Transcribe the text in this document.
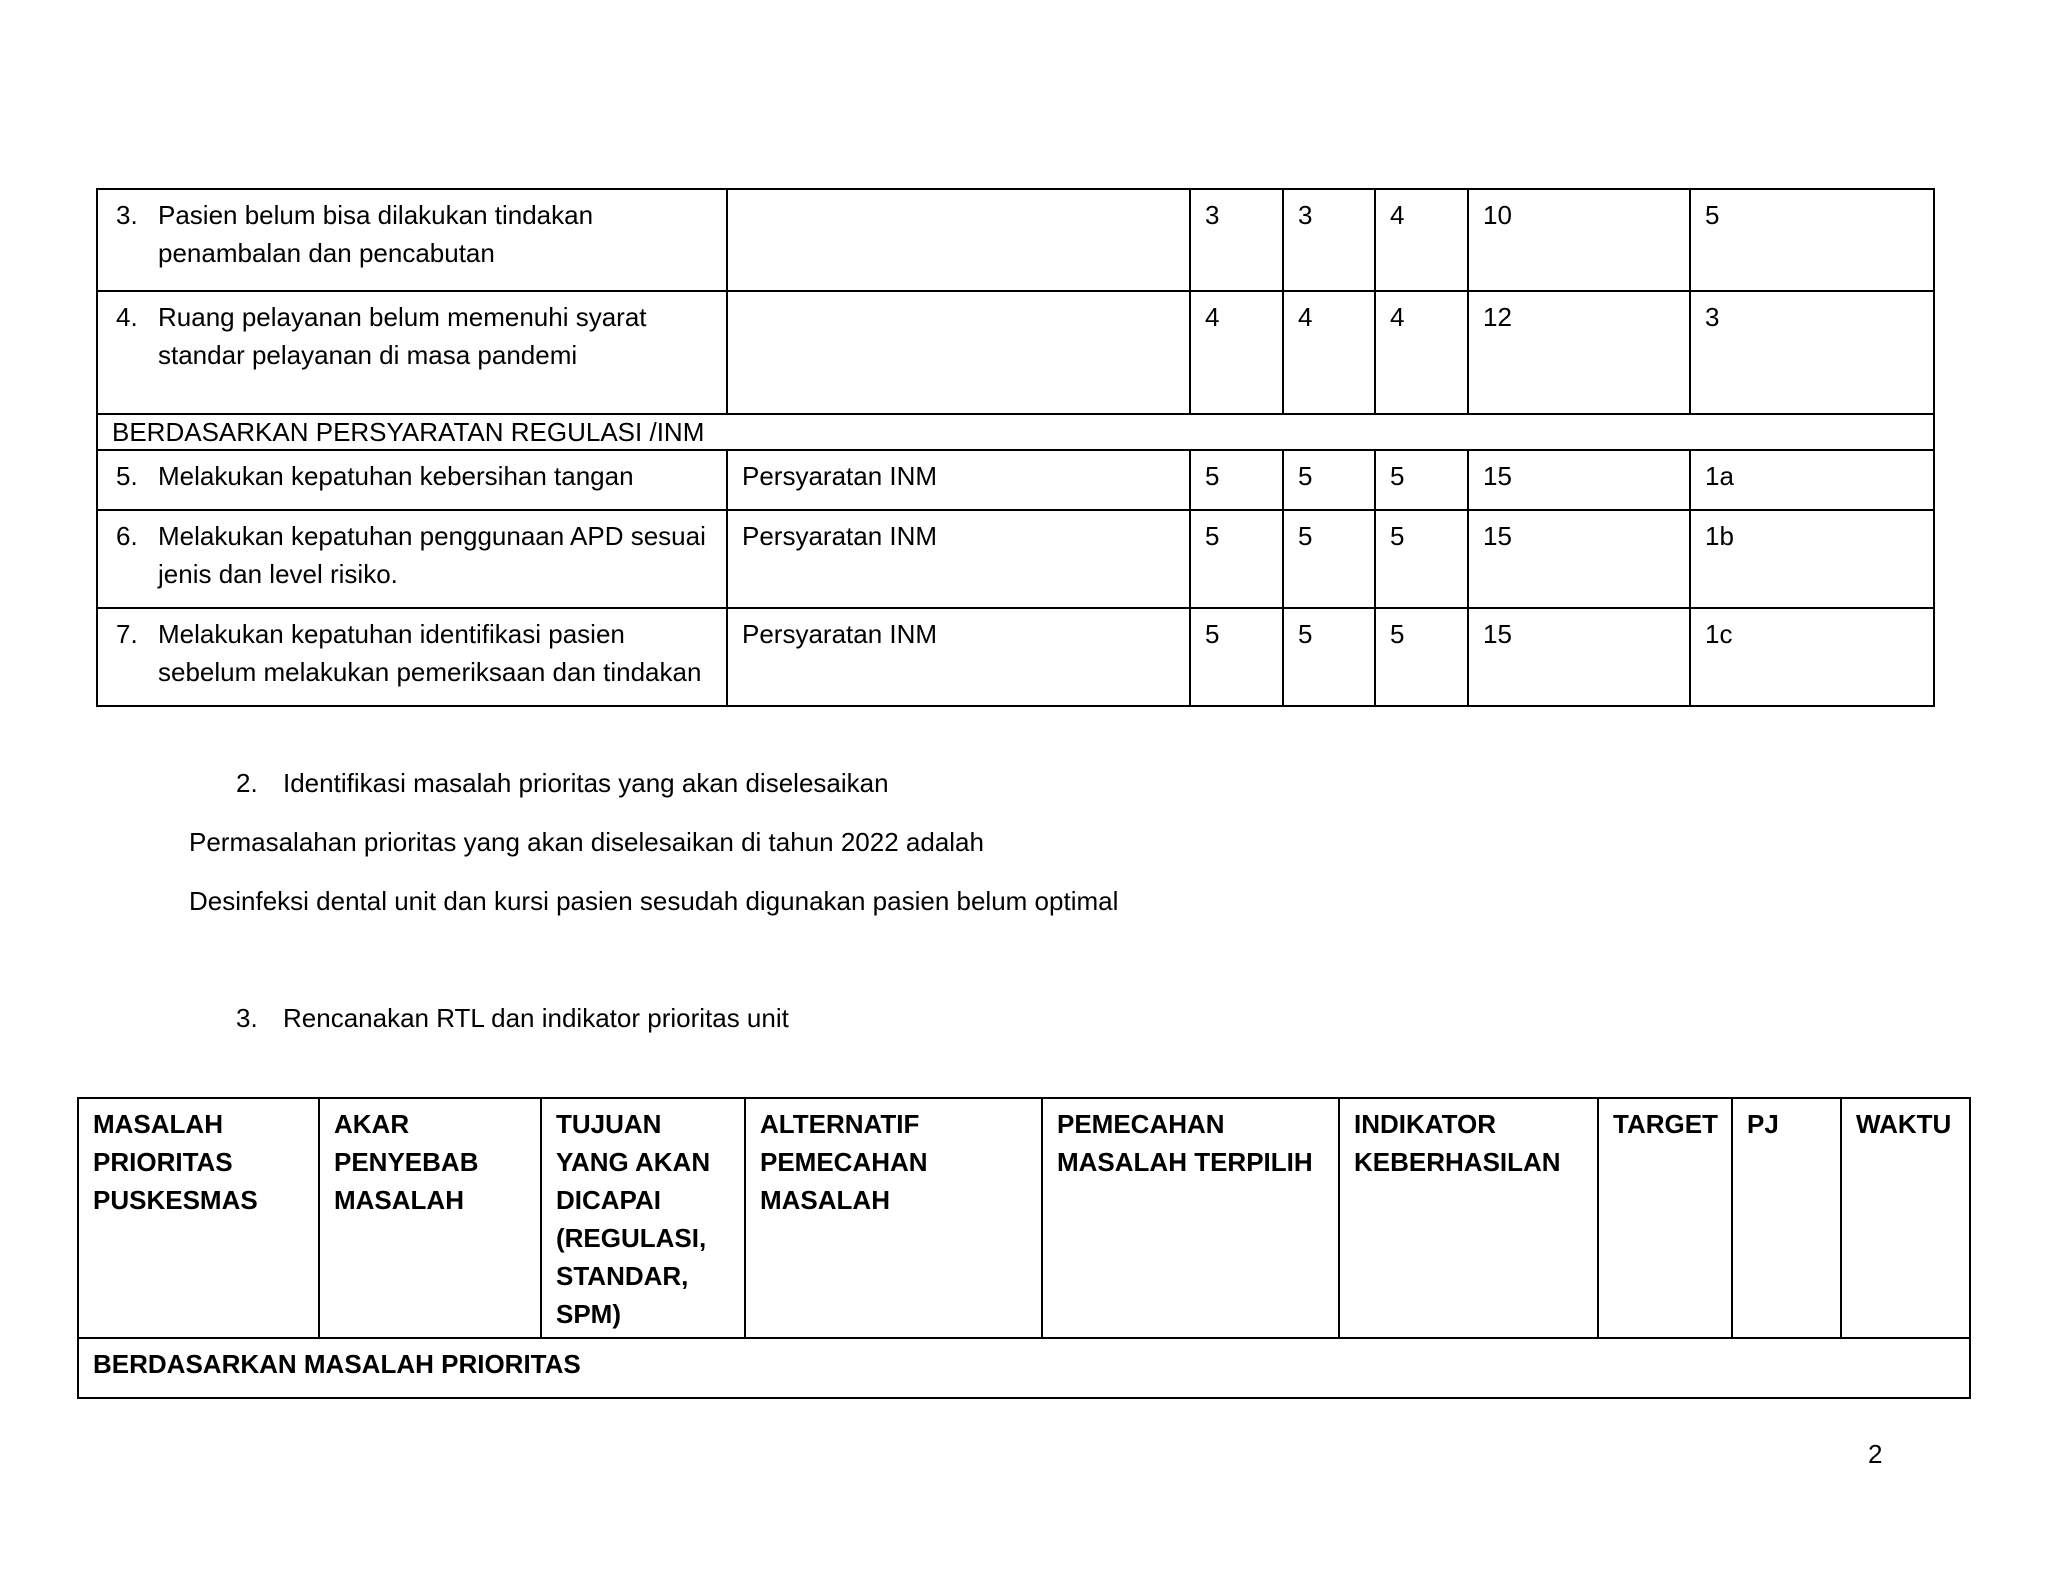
3. Pasien belum bisa dilakukan tindakan penambalan dan pencabutan		3	3	4	10	5

4. Ruang pelayanan belum memenuhi syarat standar pelayanan di masa pandemi		4	4	4	12	3
BERDASARKAN PERSYARATAN REGULASI /INM						

5. Melakukan kepatuhan kebersihan tangan	Persyaratan INM	5	5	5	15	1a

6. Melakukan kepatuhan penggunaan APD sesuai jenis dan level risiko.	Persyaratan INM	5	5	5	15	1b

7. Melakukan kepatuhan identifikasi pasien sebelum melakukan pemeriksaan dan tindakan	Persyaratan INM	5	5	5	15	1c
2. Identifikasi masalah prioritas yang akan diselesaikan
Permasalahan prioritas yang akan diselesaikan di tahun 2022 adalah
Desinfeksi dental unit dan kursi pasien sesudah digunakan pasien belum optimal
3. Rencanakan RTL dan indikator prioritas unit
MASALAH PRIORITAS PUSKESMAS	AKAR PENYEBAB MASALAH	TUJUAN YANG AKAN DICAPAI (REGULASI, STANDAR, SPM)	ALTERNATIF PEMECAHAN MASALAH	PEMECAHAN MASALAH TERPILIH	INDIKATOR KEBERHASILAN	TARGET	PJ	WAKTU
BERDASARKAN MASALAH PRIORITAS
2
